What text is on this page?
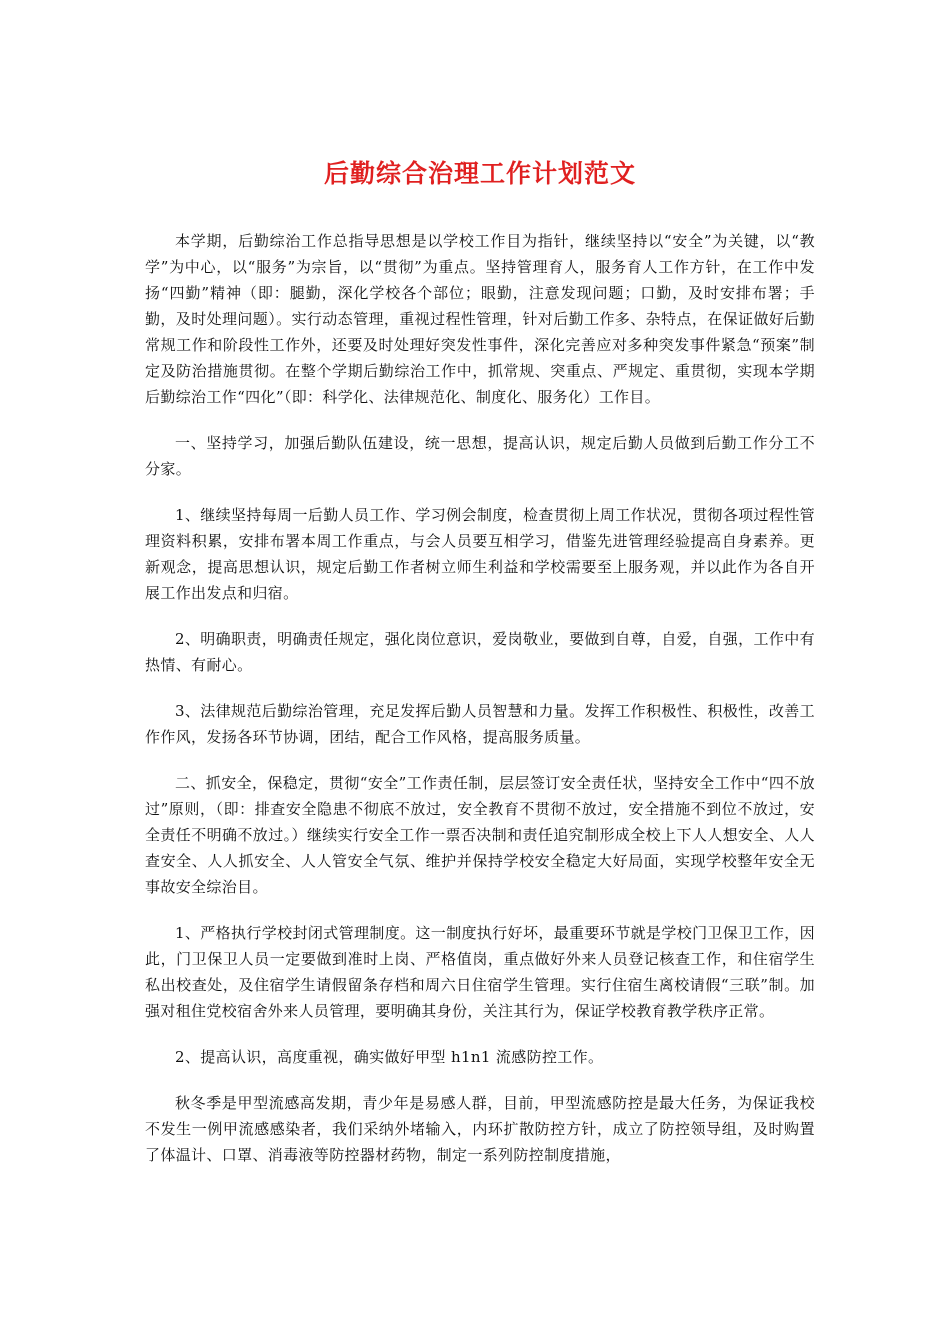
后勤综合治理工作计划范文

本学期，后勤综治工作总指导思想是以学校工作目为指针，继续坚持以“安全”为关键，以“教学”为中心，以“服务”为宗旨，以“贯彻”为重点。坚持管理育人，服务育人工作方针，在工作中发扬“四勤”精神（即：腿勤，深化学校各个部位；眼勤，注意发现问题；口勤，及时安排布署；手勤，及时处理问题）。实行动态管理，重视过程性管理，针对后勤工作多、杂特点，在保证做好后勤常规工作和阶段性工作外，还要及时处理好突发性事件，深化完善应对多种突发事件紧急“预案”制定及防治措施贯彻。在整个学期后勤综治工作中，抓常规、突重点、严规定、重贯彻，实现本学期后勤综治工作“四化”（即：科学化、法律规范化、制度化、服务化）工作目。

一、坚持学习，加强后勤队伍建设，统一思想，提高认识，规定后勤人员做到后勤工作分工不分家。

1、继续坚持每周一后勤人员工作、学习例会制度，检查贯彻上周工作状况，贯彻各项过程性管理资料积累，安排布署本周工作重点，与会人员要互相学习，借鉴先进管理经验提高自身素养。更新观念，提高思想认识，规定后勤工作者树立师生利益和学校需要至上服务观，并以此作为各自开展工作出发点和归宿。

2、明确职责，明确责任规定，强化岗位意识，爱岗敬业，要做到自尊，自爱，自强，工作中有热情、有耐心。

3、法律规范后勤综治管理，充足发挥后勤人员智慧和力量。发挥工作积极性、积极性，改善工作作风，发扬各环节协调，团结，配合工作风格，提高服务质量。

二、抓安全，保稳定，贯彻“安全”工作责任制，层层签订安全责任状，坚持安全工作中“四不放过”原则，（即：排查安全隐患不彻底不放过，安全教育不贯彻不放过，安全措施不到位不放过，安全责任不明确不放过。）继续实行安全工作一票否决制和责任追究制形成全校上下人人想安全、人人查安全、人人抓安全、人人管安全气氛、维护并保持学校安全稳定大好局面，实现学校整年安全无事故安全综治目。

1、严格执行学校封闭式管理制度。这一制度执行好坏，最重要环节就是学校门卫保卫工作，因此，门卫保卫人员一定要做到准时上岗、严格值岗，重点做好外来人员登记核查工作，和住宿学生私出校查处，及住宿学生请假留条存档和周六日住宿学生管理。实行住宿生离校请假“三联”制。加强对租住党校宿舍外来人员管理，要明确其身份，关注其行为，保证学校教育教学秩序正常。

2、提高认识，高度重视，确实做好甲型 h1n1 流感防控工作。

秋冬季是甲型流感高发期，青少年是易感人群，目前，甲型流感防控是最大任务，为保证我校不发生一例甲流感感染者，我们采纳外堵输入，内环扩散防控方针，成立了防控领导组，及时购置了体温计、口罩、消毒液等防控器材药物，制定一系列防控制度措施，
